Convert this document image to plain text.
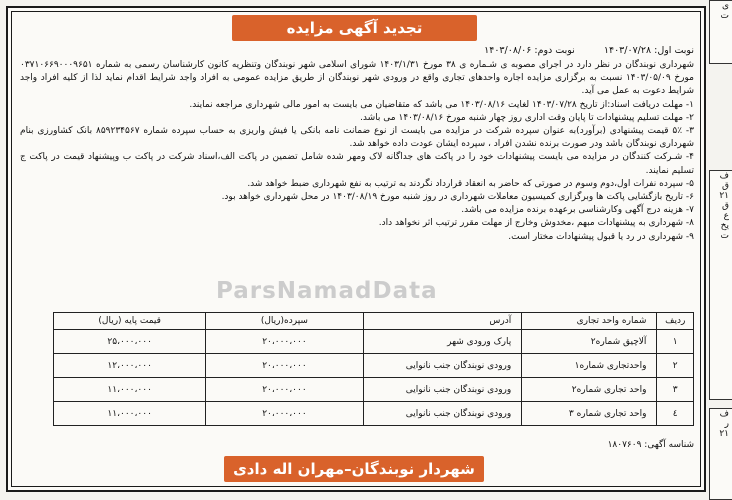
تجدید آگهی مزایده
نوبت اول: ۱۴۰۳/۰۷/۲۸ نوبت دوم: ۱۴۰۳/۰۸/۰۶

شهرداری نوبندگان در نظر دارد در اجرای مصوبه ی شـماره ی ۳۸ مورخ ۱۴۰۳/۱/۳۱ شورای اسلامی شهر نوبندگان وتنظریه کانون کارشناسان رسمی به شماره ۰۳۷۱۰۶۶۹۰۰۰۹۶۵۱ مورخ ۱۴۰۳/۰۵/۰۹ نسبت به برگزاری مزایده اجاره واحدهای تجاری واقع در ورودی شهر نوبندگان از طریق مزایده عمومی به افراد واجد شرایط اقدام نماید لذا از کلیه افراد واجد شرایط دعوت به عمل می آید.

۱- مهلت دریافت اسناد:از تاریخ ۱۴۰۳/۰۷/۲۸ لغایت ۱۴۰۳/۰۸/۱۶ می باشد که متقاضیان می بایست به امور مالی شهرداری مراجعه نمایند.

۲- مهلت تسلیم پیشنهادات تا پایان وقت اداری روز چهار شنبه مورخ ۱۴۰۳/۰۸/۱۶ می باشد.

۳- ۵٪ قیمت پیشنهادی (برآورد)به عنوان سپرده شرکت در مزایده می بایست از نوع ضمانت نامه بانکی یا فیش واریزی به حساب سپرده شماره ۸۵۹۲۳۴۵۶۷ بانک کشاورزی بنام شهرداری نوبندگان باشد ودر صورت برنده نشدن افراد ، سپرده ایشان عودت داده خواهد شد.

۴- شـرکت کنندگان در مزایده می بایست پیشنهادات خود را در پاکت های جداگانه لاک ومهر شده شامل تضمین در پاکت الف،اسناد شرکت در پاکت ب وپیشنهاد قیمت در پاکت ج تسلیم نمایند.

۵- سپرده نفرات اول،دوم وسوم در صورتی که حاضر به انعقاد قرارداد نگردند به ترتیب به نفع شهرداری ضبط خواهد شد.

۶- تاریخ بازگشایی پاکت ها وبرگزاری کمیسیون معاملات شهرداری در روز شنبه مورخ ۱۴۰۳/۰۸/۱۹ در محل شهرداری خواهد بود.

۷- هزینه درج آگهی وکارشناسی برعهده برنده مزایده می باشد.

۸- شهرداری به پیشنهادات مبهم ،مخدوش وخارج از مهلت مقرر ترتیب اثر نخواهد داد.

۹- شهرداری در رد یا قبول پیشنهادات مختار است.

ParsNamadData
ردیف	شماره واحد تجاری	آدرس	سپرده(ریال)	قیمت پایه (ریال)
۱	آلاچیق شماره۲	پارک ورودی شهر	۲۰،۰۰۰،۰۰۰	۲۵،۰۰۰،۰۰۰
۲	واحدتجاری شماره۱	ورودی نوبندگان جنب نانوایی	۲۰،۰۰۰،۰۰۰	۱۲،۰۰۰،۰۰۰
۳	واحد تجاری شماره۲	ورودی نوبندگان جنب نانوایی	۲۰،۰۰۰،۰۰۰	۱۱،۰۰۰،۰۰۰
٤	واحد تجاری شماره ۳	ورودی نوبندگان جنب نانوایی	۲۰،۰۰۰،۰۰۰	۱۱،۰۰۰،۰۰۰
شناسه آگهی: ۱۸۰۷۶۰۹
شهردار نوبندگان–مهران اله دادی
ی
ت
ف
ق
۲۱
ق
ع
یخ
ت
ف
ر
۲۱
